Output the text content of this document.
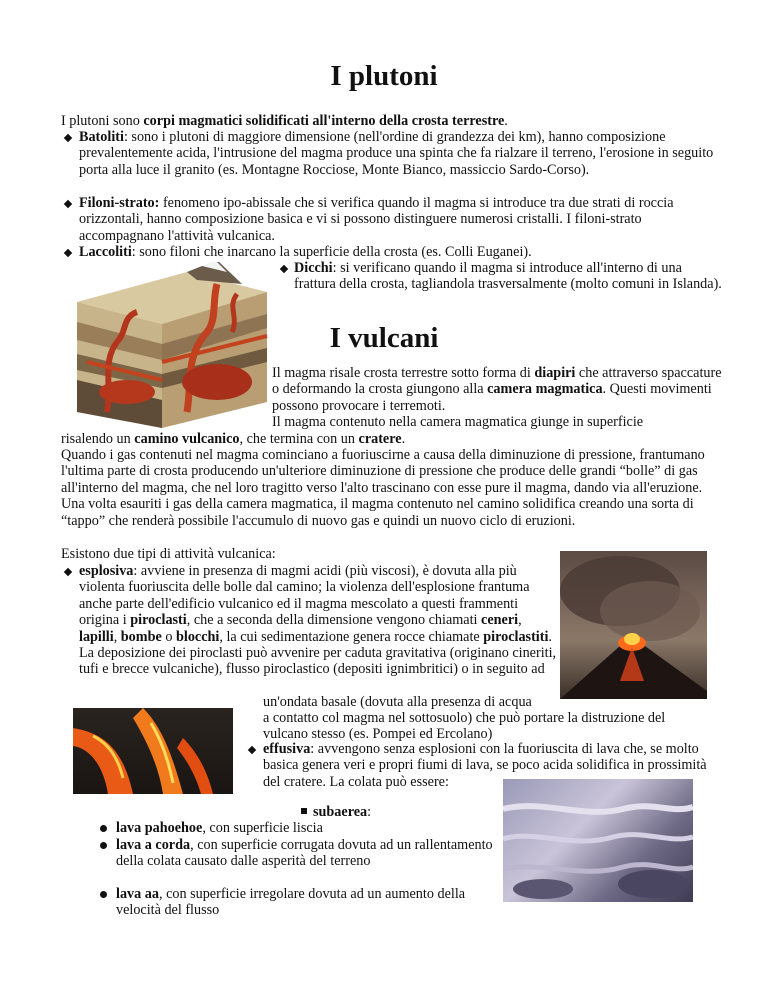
I plutoni

I plutoni sono corpi magmatici solidificati all'interno della crosta terrestre.

Batoliti: sono i plutoni di maggiore dimensione (nell'ordine di grandezza dei km), hanno composizione prevalentemente acida, l'intrusione del magma produce una spinta che fa rialzare il terreno, l'erosione in seguito porta alla luce il granito (es. Montagne Rocciose, Monte Bianco, massiccio Sardo-Corso).

Filoni-strato: fenomeno ipo-abissale che si verifica quando il magma si introduce tra due strati di roccia orizzontali, hanno composizione basica e vi si possono distinguere numerosi cristalli. I filoni-strato accompagnano l'attività vulcanica.

Laccoliti: sono filoni che inarcano la superficie della crosta (es. Colli Euganei).

Dicchi: si verificano quando il magma si introduce all'interno di una frattura della crosta, tagliandola trasversalmente (molto comuni in Islanda).

I vulcani

Il magma risale crosta terrestre sotto forma di diapiri che attraverso spaccature o deformando la crosta giungono alla camera magmatica. Questi movimenti possono provocare i terremoti.

Il magma contenuto nella camera magmatica giunge in superficie

risalendo un camino vulcanico, che termina con un cratere.

Quando i gas contenuti nel magma cominciano a fuoriuscirne a causa della diminuzione di pressione, frantumano l'ultima parte di crosta producendo un'ulteriore diminuzione di pressione che produce delle grandi “bolle” di gas all'interno del magma, che nel loro tragitto verso l'alto trascinano con esse pure il magma, dando via all'eruzione. Una volta esauriti i gas della camera magmatica, il magma contenuto nel camino solidifica creando una sorta di “tappo” che renderà possibile l'accumulo di nuovo gas e quindi un nuovo ciclo di eruzioni.

Esistono due tipi di attività vulcanica:

esplosiva: avviene in presenza di magmi acidi (più viscosi), è dovuta alla più violenta fuoriuscita delle bolle dal camino; la violenza dell'esplosione frantuma anche parte dell'edificio vulcanico ed il magma mescolato a questi frammenti origina i piroclasti, che a seconda della dimensione vengono chiamati ceneri, lapilli, bombe o blocchi, la cui sedimentazione genera rocce chiamate piroclastiti. La deposizione dei piroclasti può avvenire per caduta gravitativa (originano cineriti, tufi e brecce vulcaniche), flusso piroclastico (depositi ignimbritici) o in seguito ad

un'ondata basale (dovuta alla presenza di acqua

a contatto col magma nel sottosuolo) che può portare la distruzione del vulcano stesso (es. Pompei ed Ercolano)

effusiva: avvengono senza esplosioni con la fuoriuscita di lava che, se molto basica genera veri e propri fiumi di lava, se poco acida solidifica in prossimità del cratere. La colata può essere:

subaerea:

lava pahoehoe, con superficie liscia

lava a corda, con superficie corrugata dovuta ad un rallentamento della colata causato dalle asperità del terreno

lava aa, con superficie irregolare dovuta ad un aumento della velocità del flusso
